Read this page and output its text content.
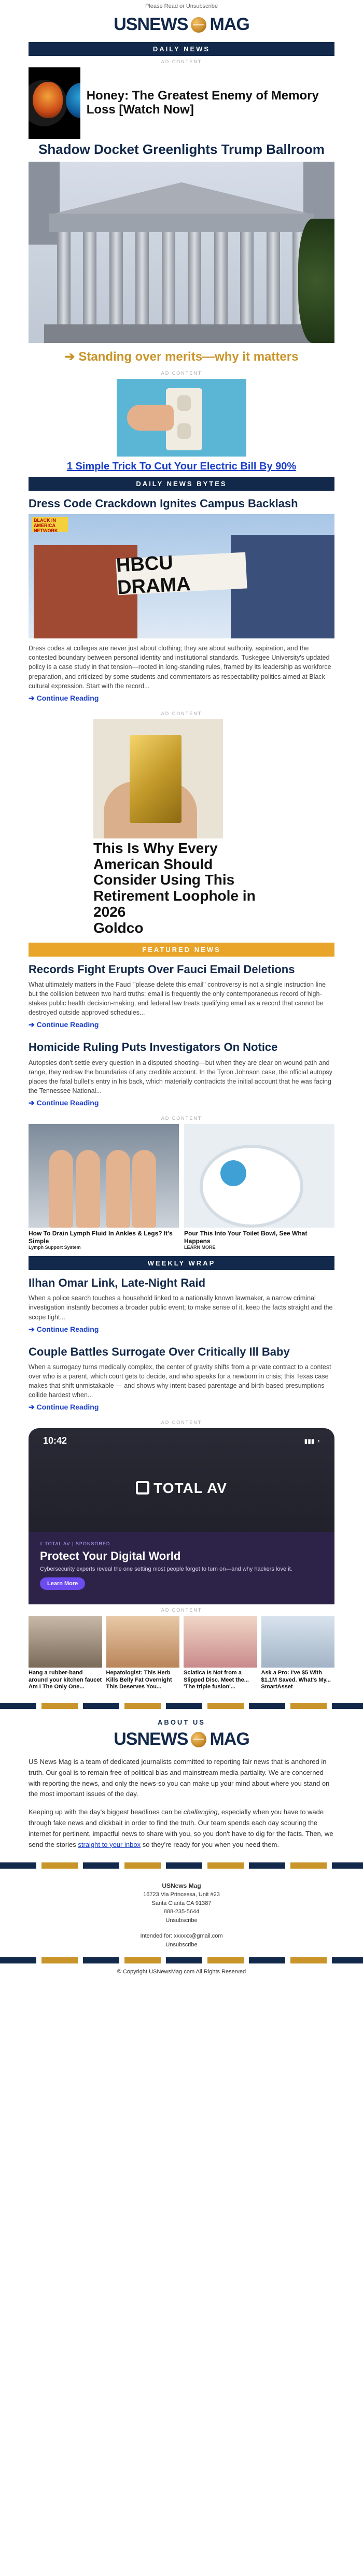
Please Read or Unsubscribe
USNEWS MAG
DAILY NEWS
AD CONTENT
Honey: The Greatest Enemy of Memory Loss [Watch Now]
Shadow Docket Greenlights Trump Ballroom
➔ Standing over merits—why it matters
AD CONTENT
1 Simple Trick To Cut Your Electric Bill By 90%
DAILY NEWS BYTES
Dress Code Crackdown Ignites Campus Backlash
BLACK IN AMERICA NETWORK
HBCU DRAMA

Dress codes at colleges are never just about clothing; they are about authority, aspiration, and the contested boundary between personal identity and institutional standards. Tuskegee University's updated policy is a case study in that tension—rooted in long-standing rules, framed by its leadership as workforce preparation, and criticized by some students and commentators as respectability politics aimed at Black cultural expression. Start with the record...

➔ Continue Reading
AD CONTENT
This Is Why Every American Should Consider Using This Retirement Loophole in 2026
Goldco
FEATURED NEWS
Records Fight Erupts Over Fauci Email Deletions

What ultimately matters in the Fauci "please delete this email" controversy is not a single instruction line but the collision between two hard truths: email is frequently the only contemporaneous record of high-stakes public health decision-making, and federal law treats qualifying email as a record that cannot be destroyed outside approved schedules...

➔ Continue Reading
Homicide Ruling Puts Investigators On Notice

Autopsies don't settle every question in a disputed shooting—but when they are clear on wound path and range, they redraw the boundaries of any credible account. In the Tyron Johnson case, the official autopsy places the fatal bullet's entry in his back, which materially contradicts the initial account that he was facing the Tennessee National...

➔ Continue Reading
AD CONTENT
How To Drain Lymph Fluid In Ankles & Legs? It's Simple
Lymph Support System
Pour This Into Your Toilet Bowl, See What Happens
LEARN MORE
WEEKLY WRAP
Ilhan Omar Link, Late-Night Raid

When a police search touches a household linked to a nationally known lawmaker, a narrow criminal investigation instantly becomes a broader public event; to make sense of it, keep the facts straight and the scope tight...

➔ Continue Reading
Couple Battles Surrogate Over Critically Ill Baby

When a surrogacy turns medically complex, the center of gravity shifts from a private contract to a contest over who is a parent, which court gets to decide, and who speaks for a newborn in crisis; this Texas case makes that shift unmistakable — and shows why intent-based parentage and birth-based presumptions collide hardest when...

➔ Continue Reading
AD CONTENT
10:42	▮▮▮ ◔
TOTAL AV
# TOTAL AV | SPONSORED
Protect Your Digital World
Cybersecurity experts reveal the one setting most people forget to turn on—and why hackers love it.
Learn More
AD CONTENT
Hang a rubber-band around your kitchen faucet Am I The Only One...
Hepatologist: This Herb Kills Belly Fat Overnight This Deserves You...
Sciatica Is Not from a Slipped Disc. Meet the... 'The triple fusion'...
Ask a Pro: I've $5 With $1.1M Saved. What's My... SmartAsset
ABOUT US
USNEWS MAG

US News Mag is a team of dedicated journalists committed to reporting fair news that is anchored in truth. Our goal is to remain free of political bias and mainstream media partiality. We are concerned with reporting the news, and only the news-so you can make up your mind about where you stand on the most important issues of the day.

Keeping up with the day's biggest headlines can be challenging, especially when you have to wade through fake news and clickbait in order to find the truth. Our team spends each day scouring the internet for pertinent, impactful news to share with you, so you don't have to dig for the facts. Then, we send the stories straight to your inbox so they're ready for you when you need them.

USNews Mag
16723 Via Princessa, Unit #23
Santa Clarita CA 91387
888-235-5644
Unsubscribe
Intended for: xxxxxx@gmail.com
Unsubscribe
© Copyright USNewsMag.com All Rights Reserved
